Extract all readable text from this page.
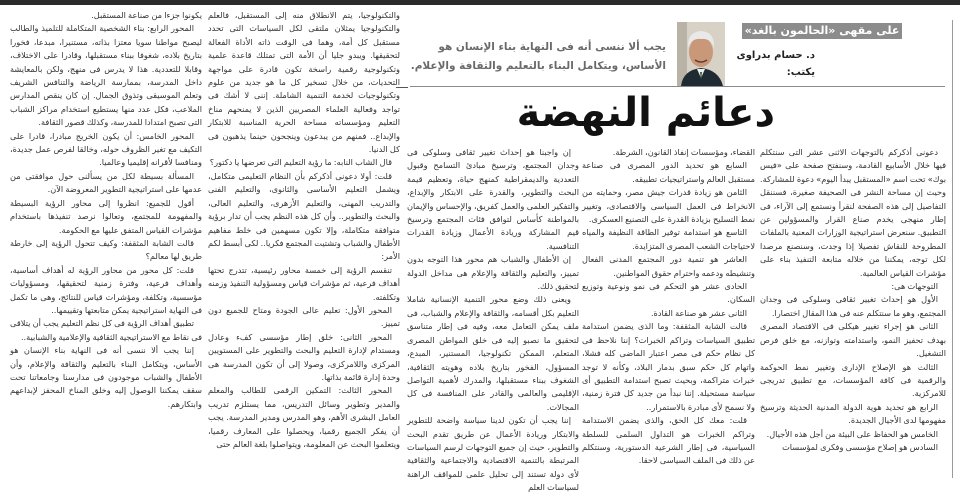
على مقهى «الحالمون بالغد»
د. حسام بدراوى
يكتب:
يجب ألا ننسى أنه فى النهاية بناء الإنسان هو
الأساس، ويتكامل البناء بالتعليم والثقافة والإعلام.
دعائم النهضة

دعونى أذكركم بالتوجهات الاثنى عشر التى سنتكلم فيها خلال الأسابيع القادمة، وسنفتح صفحة على «فيس بوك» تحت اسم «المستقبل يبدأ اليوم» دعوة للمشاركة. وحيث إن مساحة النشر فى الصحيفة صغيرة، فسننقل التفاصيل إلى هذه الصفحة لنقرأ ونستمع إلى الآراء، فى إطار منهجى يخدم صناع القرار والمسؤولين عن التطبيق. سنعرض استراتيجية الوزارات المعنية بالملفات المطروحة للنقاش تفصيلا إذا وجدت، وسنصنع مرصدا لكل توجه، يمكننا من خلاله متابعة التنفيذ بناء على مؤشرات القياس العالمية.

التوجهات هى:

الأول هو إحداث تغيير ثقافى وسلوكى فى وجدان المجتمع، وهو ما سنتكلم عنه فى هذا المقال اختصارا.

الثانى هو إجراء تغيير هيكلى فى الاقتصاد المصرى بهدف تحفيز النمو، واستدامته وتوازنه، مع خلق فرص التشغيل.

الثالث هو الإصلاح الإدارى وتغيير نمط الحوكمة والرقمية فى كافة المؤسسات، مع تطبيق تدريجى للامركزية.

الرابع هو تحديد هوية الدولة المدنية الحديثة وترسيخ مفهومها لدى الأجيال الجديدة.

الخامس هو الحفاظ على البيئة من أجل هذه الأجيال.

السادس هو إصلاح مؤسسى وفكرى لمؤسسات

القضاء، ومؤسسات إنفاذ القانون، الشرطة.

السابع هو تحديد الدور المصرى فى صناعة مستقبل العالم واستراتيجيات تطبيقه.

الثامن هو زيادة قدرات جيش مصر، وحمايته من الانخراط فى العمل السياسى والاقتصادى، وتغيير نمط التسليح بزيادة القدرة على التصنيع العسكرى.

التاسع هو استدامة توفير الطاقة النظيفة والمياه لاحتياجات الشعب المصرى المتزايدة.

العاشر هو تنمية دور المجتمع المدنى الفعال وتنشيطه ودعمه واحترام حقوق المواطنين.

الحادى عشر هو التحكم فى نمو ونوعية وتوزيع السكان.

الثانى عشر هو صناعة القادة.

قالت الشابة المثقفة: وما الذى يضمن استدامة تطبيق السياسات وتراكم الخبرات؟ إننا نلاحظ فى كل نظام حكم فى مصر اعتبار الماضى كله فشلا، واتهام كل حكم سبق بدمار البلاد، وكأنه لا توجد خبرات متراكمة، وبحيث تصبح استدامة التطبيق أى سياسة مستحيلة. إننا نبدأ من جديد كل فترة زمنية، ولا نسمح لأى مبادرة بالاستمرار..

قلت: معك كل الحق، والذى يضمن الاستدامة وتراكم الخبرات هو التداول السلمى للسلطة السياسية، فى إطار الشرعية الدستورية، وسنتكلم عن ذلك فى الملف السياسى لاحقا.

إن واجبنا هو إحداث تغيير ثقافى وسلوكى فى وجدان المجتمع، وترسيخ مبادئ التسامح وقبول التعددية والديمقراطية كمنهج حياة، وتعظيم قيمة البحث والتطوير، والقدرة على الابتكار والإبداع، والتفكير العلمى والعمل كفريق، والإحساس والإيمان بالمواطنة كأساس لتوافق فئات المجتمع وترسيخ قيم المشاركة وريادة الأعمال وزيادة القدرات التنافسية.

إن الأطفال والشباب هم محور هذا التوجه بدون تمييز، والتعليم والثقافة والإعلام هى مداخل الدولة لتحقيق ذلك.

ويعنى ذلك وضع محور التنمية الإنسانية شاملا التعليم بكل أقسامه، والثقافة والإعلام والشباب، فى ملف يمكن التعامل معه، وفيه فى إطار متناسق لتحقيق ما نصبو إليه فى خلق المواطن المصرى المتعلم، الممكن تكنولوجيا، المستنير، المبدع، المسؤول، الفخور بتاريخ بلاده وهويته الثقافية، الشغوف ببناء مستقبلها، والمدرك لأهمية التواصل الإقليمى والعالمى والقادر على المنافسة فى كل المجالات.

إننا يجب أن تكون لدينا سياسة واضحة للتطوير والابتكار وريادة الأعمال عن طريق تقدم البحث والتطوير، حيث إن جميع التوجهات لرسم السياسات المرتبطة بالتنمية الاقتصادية والاجتماعية والثقافية لأى دولة تستند إلى تحليل علمى للمواقف الراهنة لسياسات العلم

والتكنولوجيا، يتم الانطلاق منه إلى المستقبل، فالعلم والتكنولوجيا يمثلان ملتقى لكل السياسات التى تحدد مستقبل كل أمة، وهما فى الوقت ذاته الأداة الفعالة لتحقيقها. ويبدو جليا أن الأمة التى تمتلك قاعدة علمية وتكنولوجية رقمية راسخة تكون قادرة على مواجهة التحديات، من خلال تسخير كل ما هو جديد من علوم وتكنولوجيات لخدمة التنمية الشاملة. إننى لا أشك فى تواجد وفعالية العلماء المصريين الذين لا يمنحهم مناخ التعليم ومؤسساته مساحة الحرية المناسبة للابتكار والإبداع.. فمنهم من يبدعون وينجحون حينما يذهبون فى كل الدنيا.

قال الشاب النابه: ما رؤية التعليم التى تعرضها يا دكتور؟

قلت: أولا دعونى أذكركم بأن النظام التعليمى متكامل، ويشمل التعليم الأساسى والثانوى، والتعليم الفنى والتدريب المهنى، والتعليم الأزهرى، والتعليم العالى، والبحث والتطوير.. وأن كل هذه النظم يجب أن تدار برؤية متوافقة متكاملة، وإلا تكون مسهمين فى خلط مفاهيم الأطفال والشباب وتشتيت المجتمع فكريا.. لكى أبسط لكم الأمر:

تنقسم الرؤية إلى خمسة محاور رئيسية، تتدرج تحتها أهداف فرعية، ثم مؤشرات قياس ومسؤولية التنفيذ وزمنه وتكلفته.

المحور الأول: تعليم عالى الجودة ومتاح للجميع دون تمييز.

المحور الثانى: خلق إطار مؤسسى كفء وعادل ومستدام لإدارة التعليم والبحث والتطوير على المستويين المركزى واللامركزى، وصولا إلى أن تكون المدرسة هى وحدة إدارة قائمة بذاتها.

المحور الثالث: التمكين الرقمى للطالب والمعلم والمدير وتطوير وسائل التدريس، مما يستلزم تدريب العامل البشرى الأهم، وهو المدرس ومدير المدرسة. يجب أن يفكر الجميع رقميا، ويحصلوا على المعارف رقميا، ويتعلموا البحث عن المعلومة، ويتواصلوا بلغة العالم حتى

يكونوا جزءا من صناعة المستقبل.

المحور الرابع: بناء الشخصية المتكاملة للتلميذ والطالب ليصبح مواطنا سويا معتزا بذاته، مستنيرا، مبدعا، فخورا بتاريخ بلاده، شغوفا ببناء مستقبلها، وقادرا على الاختلاف، وقابلا للتعددية. هذا لا يدرس فى منهج، ولكن بالمعايشة داخل المدرسة، بممارسة الرياضة والتنافس الشريف وتعلم الموسيقى وتذوق الجمال. إن كان ينقص المدارس الملاعب، فكل عدد منها يستطيع استخدام مراكز الشباب التى تصبح امتدادا للمدرسة، وكذلك قصور الثقافة.

المحور الخامس: أن يكون الخريج مبادرا، قادرا على التكيف مع تغير الظروف حوله، وخالقا لفرص عمل جديدة، ومنافسا لأقرانه إقليميا وعالميا.

المسألة بسيطة لكل من يسألنى حول موافقتى من عدمها على استراتيجية التطوير المعروضة الآن.

أقول للجميع: انظروا إلى محاور الرؤية البسيطة والمفهومة للمجتمع، وتعالوا نرصد تنفيذها باستخدام مؤشرات القياس المتفق عليها مع الحكومة.

قالت الشابة المثقفة: وكيف تتحول الرؤية إلى خارطة طريق لها معالم؟

قلت: كل محور من محاور الرؤية له أهداف أساسية، وأهداف فرعية، وفترة زمنية لتحقيقها، ومسؤوليات مؤسسية، وتكلفة، ومؤشرات قياس للنتائج، وهى ما تكمل فى النهاية استراتيجية يمكن متابعتها وتقييمها..

تطبيق أهداف الرؤية فى كل نظم التعليم يجب أن يتلاقى فى نقاط مع الاستراتيجية الثقافية والإعلامية والشبابية..

إننا يجب ألا ننسى أنه فى النهاية بناء الإنسان هو الأساس، ويتكامل البناء بالتعليم والثقافة والإعلام، وأن الأطفال والشباب موجودون فى مدارسنا وجامعاتنا تحت سقف يمكننا الوصول إليه وخلق المناخ المحفز لإبداعهم وابتكارهم.
